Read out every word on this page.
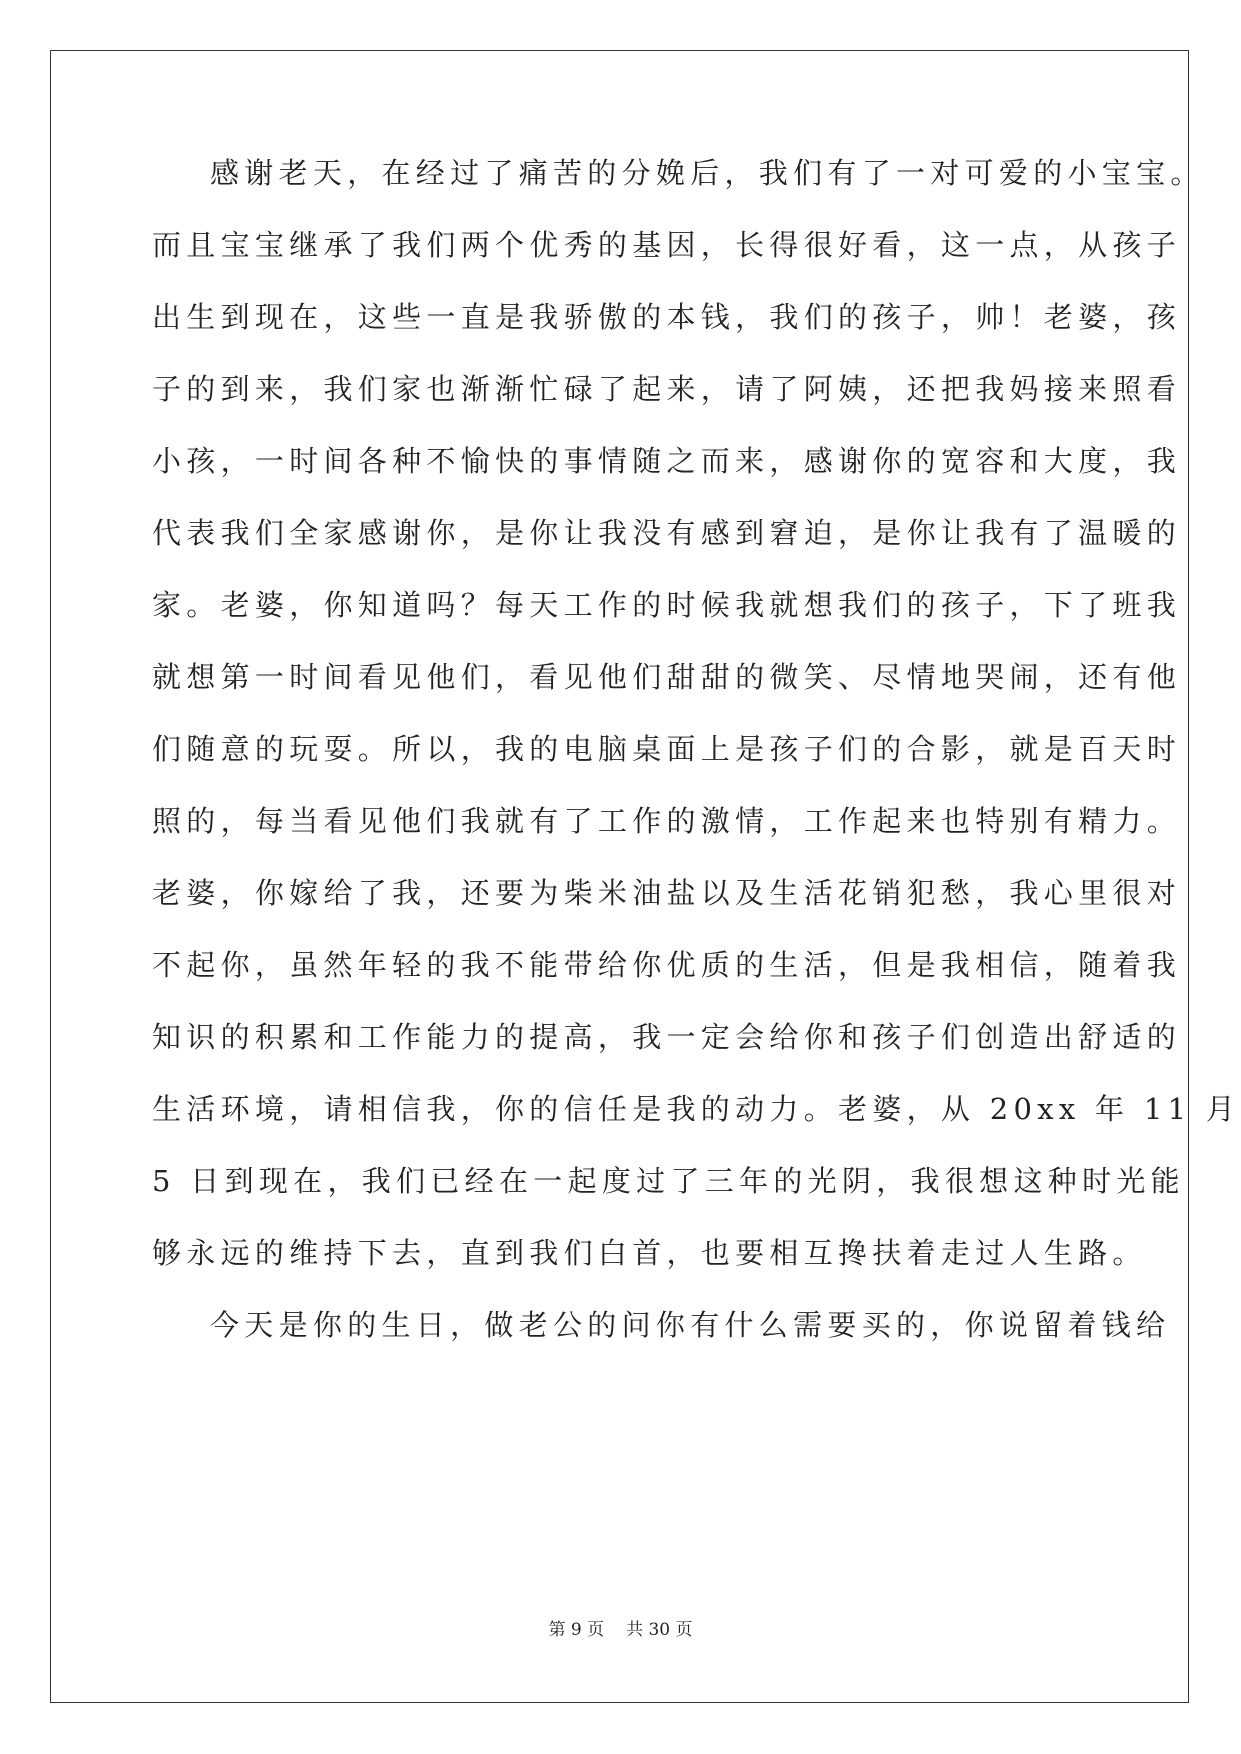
感谢老天，在经过了痛苦的分娩后，我们有了一对可爱的小宝宝。
而且宝宝继承了我们两个优秀的基因，长得很好看，这一点，从孩子
出生到现在，这些一直是我骄傲的本钱，我们的孩子，帅！老婆，孩
子的到来，我们家也渐渐忙碌了起来，请了阿姨，还把我妈接来照看
小孩，一时间各种不愉快的事情随之而来，感谢你的宽容和大度，我
代表我们全家感谢你，是你让我没有感到窘迫，是你让我有了温暖的
家。老婆，你知道吗？每天工作的时候我就想我们的孩子，下了班我
就想第一时间看见他们，看见他们甜甜的微笑、尽情地哭闹，还有他
们随意的玩耍。所以，我的电脑桌面上是孩子们的合影，就是百天时
照的，每当看见他们我就有了工作的激情，工作起来也特别有精力。
老婆，你嫁给了我，还要为柴米油盐以及生活花销犯愁，我心里很对
不起你，虽然年轻的我不能带给你优质的生活，但是我相信，随着我
知识的积累和工作能力的提高，我一定会给你和孩子们创造出舒适的
生活环境，请相信我，你的信任是我的动力。老婆，从 20xx 年 11 月
5 日到现在，我们已经在一起度过了三年的光阴，我很想这种时光能
够永远的维持下去，直到我们白首，也要相互搀扶着走过人生路。
今天是你的生日，做老公的问你有什么需要买的，你说留着钱给
第 9 页 共 30 页
